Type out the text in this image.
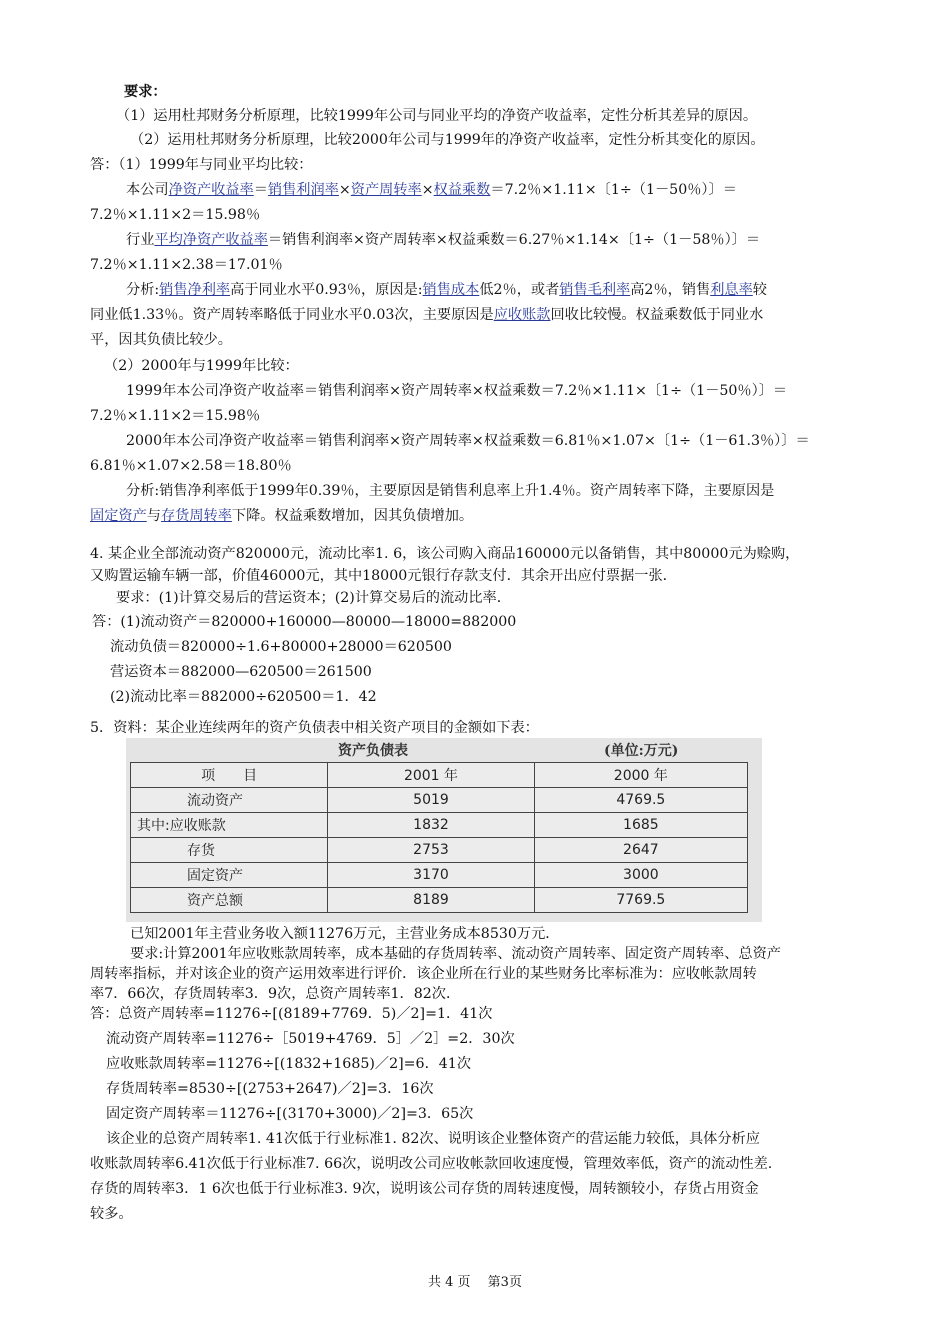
要求：
（1）运用杜邦财务分析原理，比较1999年公司与同业平均的净资产收益率，定性分析其差异的原因。
（2）运用杜邦财务分析原理，比较2000年公司与1999年的净资产收益率，定性分析其变化的原因。
答：（1）1999年与同业平均比较：
本公司净资产收益率＝销售利润率×资产周转率×权益乘数＝7.2％×1.11×〔1÷（1－50％）〕＝
7.2％×1.11×2＝15.98％
行业平均净资产收益率＝销售利润率×资产周转率×权益乘数＝6.27％×1.14×〔1÷（1－58％）〕＝
7.2％×1.11×2.38＝17.01％
分析:销售净利率高于同业水平0.93％，原因是:销售成本低2％，或者销售毛利率高2％，销售利息率较
同业低1.33％。资产周转率略低于同业水平0.03次，主要原因是应收账款回收比较慢。权益乘数低于同业水
平，因其负债比较少。
（2）2000年与1999年比较：
1999年本公司净资产收益率＝销售利润率×资产周转率×权益乘数＝7.2％×1.11×〔1÷（1－50％）〕＝
7.2％×1.11×2＝15.98％
2000年本公司净资产收益率＝销售利润率×资产周转率×权益乘数＝6.81％×1.07×〔1÷（1－61.3％）〕＝
6.81％×1.07×2.58＝18.80％
分析:销售净利率低于1999年0.39％，主要原因是销售利息率上升1.4％。资产周转率下降，主要原因是
固定资产与存货周转率下降。权益乘数增加，因其负债增加。
4. 某企业全部流动资产820000元，流动比率1. 6，该公司购入商品160000元以备销售，其中80000元为赊购，
又购置运输车辆一部，价值46000元，其中18000元银行存款支付．其余开出应付票据一张．
要求：(1)计算交易后的营运资本；(2)计算交易后的流动比率．
答：(1)流动资产＝820000+160000—80000—18000=882000
流动负债＝820000÷1.6+80000+28000＝620500
营运资本＝882000—620500＝261500
(2)流动比率＝882000÷620500＝1．42
5．资料：某企业连续两年的资产负债表中相关资产项目的金额如下表：
资产负债表	(单位:万元)
项　　目	2001 年	2000 年
流动资产	5019	4769.5
其中:应收账款	1832	1685
存货	2753	2647
固定资产	3170	3000
资产总额	8189	7769.5
已知2001年主营业务收入额11276万元，主营业务成本8530万元．
要求:计算2001年应收账款周转率，成本基础的存货周转率、流动资产周转率、固定资产周转率、总资产
周转率指标，并对该企业的资产运用效率进行评价．该企业所在行业的某些财务比率标准为：应收帐款周转
率7．66次，存货周转率3．9次，总资产周转率1．82次．
答：总资产周转率=11276÷[(8189+7769．5)／2]=1．41次
流动资产周转率=11276÷［5019+4769．5］／2］=2．30次
应收账款周转率=11276÷[(1832+1685)／2]=6．41次
存货周转率=8530÷[(2753+2647)／2]=3．16次
固定资产周转率＝11276÷[(3170+3000)／2]=3．65次
该企业的总资产周转率1. 41次低于行业标准1. 82次、说明该企业整体资产的营运能力较低，具体分析应
收账款周转率6.41次低于行业标准7. 66次，说明改公司应收帐款回收速度慢，管理效率低，资产的流动性差.
存货的周转率3．1 6次也低于行业标准3. 9次，说明该公司存货的周转速度慢，周转额较小，存货占用资金
较多。
共 4 页　 第3页
